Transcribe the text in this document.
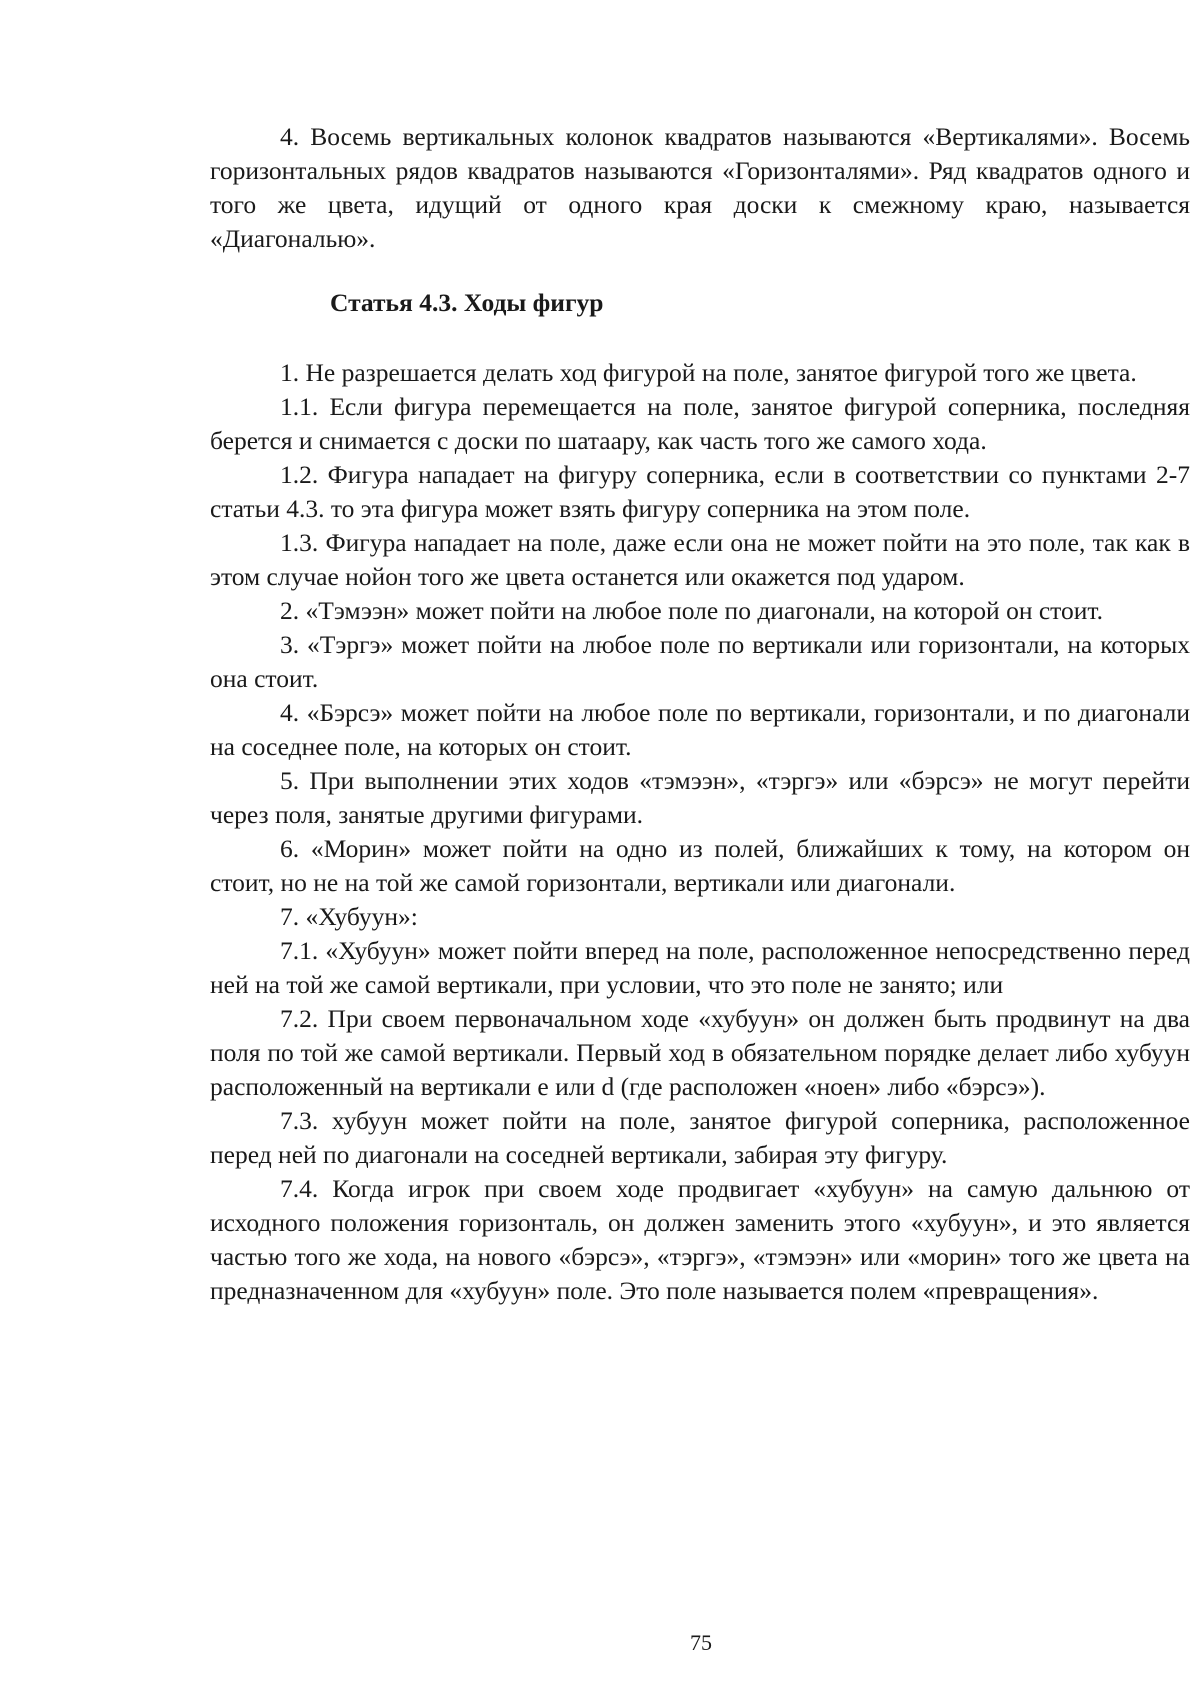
4. Восемь вертикальных колонок квадратов называются «Вертикалями». Восемь горизонтальных рядов квадратов называются «Горизонталями». Ряд квадратов одного и того же цвета, идущий от одного края доски к смежному краю, называется «Диагональю».

Статья 4.3. Ходы фигур

1. Не разрешается делать ход фигурой на поле, занятое фигурой того же цвета.

1.1. Если фигура перемещается на поле, занятое фигурой соперника, последняя берется и снимается с доски по шатаару, как часть того же самого хода.

1.2. Фигура нападает на фигуру соперника, если в соответствии со пунктами 2-7 статьи 4.3. то эта фигура может взять фигуру соперника на этом поле.

1.3. Фигура нападает на поле, даже если она не может пойти на это поле, так как в этом случае нойон того же цвета останется или окажется под ударом.

2. «Тэмээн» может пойти на любое поле по диагонали, на которой он стоит.

3. «Тэргэ» может пойти на любое поле по вертикали или горизонтали, на которых она стоит.

4. «Бэрсэ» может пойти на любое поле по вертикали, горизонтали, и по диагонали на соседнее поле, на которых он стоит.

5. При выполнении этих ходов «тэмээн», «тэргэ» или «бэрсэ» не могут перейти через поля, занятые другими фигурами.

6. «Морин» может пойти на одно из полей, ближайших к тому, на котором он стоит, но не на той же самой горизонтали, вертикали или диагонали.

7. «Хубуун»:

7.1. «Хубуун» может пойти вперед на поле, расположенное непосредственно перед ней на той же самой вертикали, при условии, что это поле не занято; или

7.2. При своем первоначальном ходе «хубуун» он должен быть продвинут на два поля по той же самой вертикали. Первый ход в обязательном порядке делает либо хубуун расположенный на вертикали e или d (где расположен «ноен» либо «бэрсэ»).

7.3. хубуун может пойти на поле, занятое фигурой соперника, расположенное перед ней по диагонали на соседней вертикали, забирая эту фигуру.

7.4. Когда игрок при своем ходе продвигает «хубуун» на самую дальнюю от исходного положения горизонталь, он должен заменить этого «хубуун», и это является частью того же хода, на нового «бэрсэ», «тэргэ», «тэмээн» или «морин» того же цвета на предназначенном для «хубуун» поле. Это поле называется полем «превращения».

75
